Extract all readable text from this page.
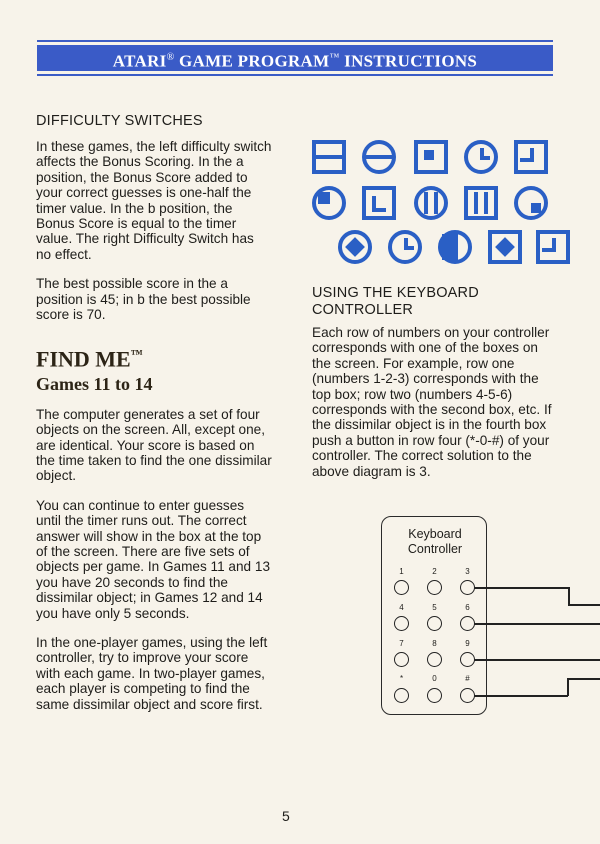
ATARI® GAME PROGRAM™ INSTRUCTIONS
DIFFICULTY SWITCHES

In these games, the left difficulty switch affects the Bonus Scoring. In the a position, the Bonus Score added to your correct guesses is one-half the timer value. In the b position, the Bonus Score is equal to the timer value. The right Difficulty Switch has no effect.

The best possible score in the a position is 45; in b the best possible score is 70.

FIND ME™
Games 11 to 14

The computer generates a set of four objects on the screen. All, except one, are identical. Your score is based on the time taken to find the one dissimilar object.

You can continue to enter guesses until the timer runs out. The correct answer will show in the box at the top of the screen. There are five sets of objects per game. In Games 11 and 13 you have 20 seconds to find the dissimilar object; in Games 12 and 14 you have only 5 seconds.

In the one-player games, using the left controller, try to improve your score with each game. In two-player games, each player is competing to find the same dissimilar object and score first.

USING THE KEYBOARD
CONTROLLER

Each row of numbers on your controller corresponds with one of the boxes on the screen. For example, row one (numbers 1-2-3) corresponds with the top box; row two (numbers 4-5-6) corresponds with the second box, etc. If the dissimilar object is in the fourth box push a button in row four (*-0-#) of your controller. The correct solution to the above diagram is 3.

Keyboard
Controller
1	2	3
4	5	6
7	8	9
*	0	#
5
